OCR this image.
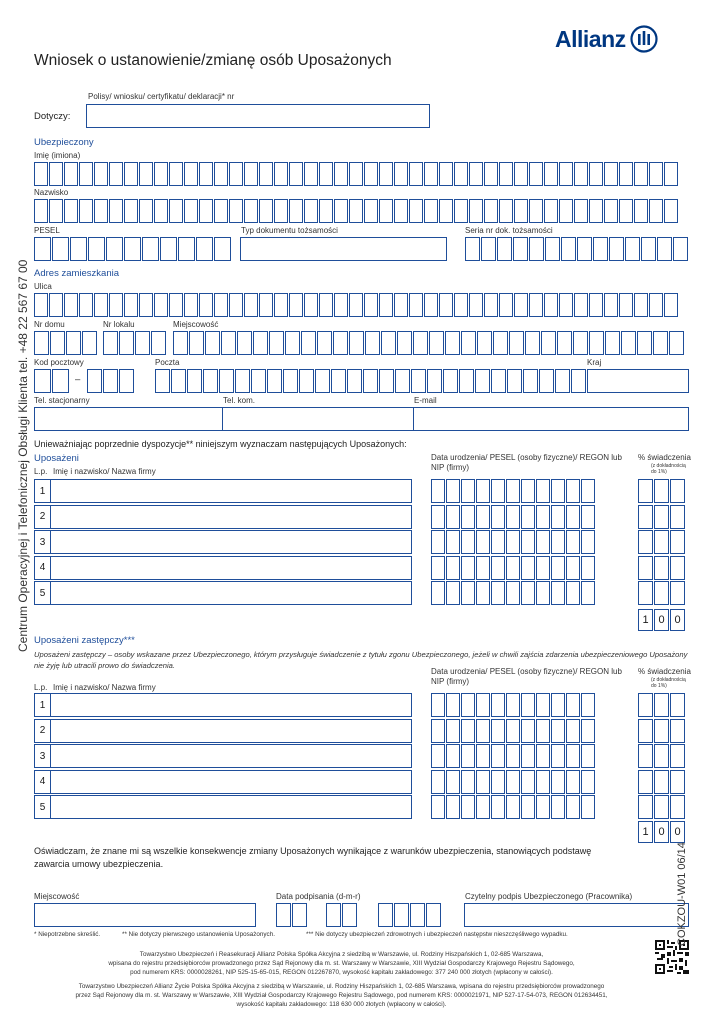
Wniosek o ustanowienie/zmianę osób Uposażonych
Allianz
Polisy/ wniosku/ certyfikatu/ deklaracji* nr
Dotyczy:
Ubezpieczony
Imię (imiona)
Nazwisko
PESEL	Typ dokumentu tożsamości	Seria nr dok. tożsamości
Adres zamieszkania
Ulica
Nr domu	Nr lokalu	Miejscowość
Kod pocztowy
–
Poczta	Kraj
Tel. stacjonarny	Tel. kom.	E-mail
Unieważniając poprzednie dyspozycje** niniejszym wyznaczam następujących Uposażonych:
Uposażeni
L.p. Imię i nazwisko/ Nazwa firmy
Data urodzenia/ PESEL (osoby fizyczne)/ REGON lub NIP (firmy)
% świadczenia
(z dokładnością do 1%)
1
2
3
4
5
1 0 0
Uposażeni zastępczy***
Uposażeni zastępczy – osoby wskazane przez Ubezpieczonego, którym przysługuje świadczenie z tytułu zgonu Ubezpieczonego, jeżeli w chwili zajścia zdarzenia ubezpieczeniowego Uposażony
nie żyję lub utracili prowo do świadczenia.
L.p. Imię i nazwisko/ Nazwa firmy
Data urodzenia/ PESEL (osoby fizyczne)/ REGON lub NIP (firmy)
% świadczenia
(z dokładnością do 1%)
1
2
3
4
5
1 0 0
Oświadczam, że znane mi są wszelkie konsekwencje zmiany Uposażonych wynikające z warunków ubezpieczenia, stanowiących podstawę
zawarcia umowy ubezpieczenia.
Miejscowość	Data podpisania (d-m-r)	Czytelny podpis Ubezpieczonego (Pracownika)
* Niepotrzebne skreślić.	** Nie dotyczy pierwszego ustanowienia Uposażonych.	*** Nie dotyczy ubezpieczeń zdrowotnych i ubezpieczeń następstw nieszczęśliwego wypadku.
Towarzystwo Ubezpieczeń i Reasekuracji Allianz Polska Spółka Akcyjna z siedzibą w Warszawie, ul. Rodziny Hiszpańskich 1, 02-685 Warszawa,
wpisana do rejestru przedsiębiorców prowadzonego przez Sąd Rejonowy dla m. st. Warszawy w Warszawie, XIII Wydział Gospodarczy Krajowego Rejestru Sądowego,
pod numerem KRS: 0000028261, NIP 525-15-65-015, REGON 012267870, wysokość kapitału zakładowego: 377 240 000 złotych (wpłacony w całości).
Towarzystwo Ubezpieczeń Allianz Życie Polska Spółka Akcyjna z siedzibą w Warszawie, ul. Rodziny Hiszpańskich 1, 02-685 Warszawa, wpisana do rejestru przedsiębiorców prowadzonego
przez Sąd Rejonowy dla m. st. Warszawy w Warszawie, XIII Wydział Gospodarczy Krajowego Rejestru Sądowego, pod numerem KRS: 0000021971, NIP 527-17-54-073, REGON 012634451,
wysokość kapitału zakładowego: 118 630 000 złotych (wpłacony w całości).
Centrum Operacyjnej i Telefonicznej Obsługi Klienta tel. +48 22 567 67 00
COKZOU-W01 06/14
